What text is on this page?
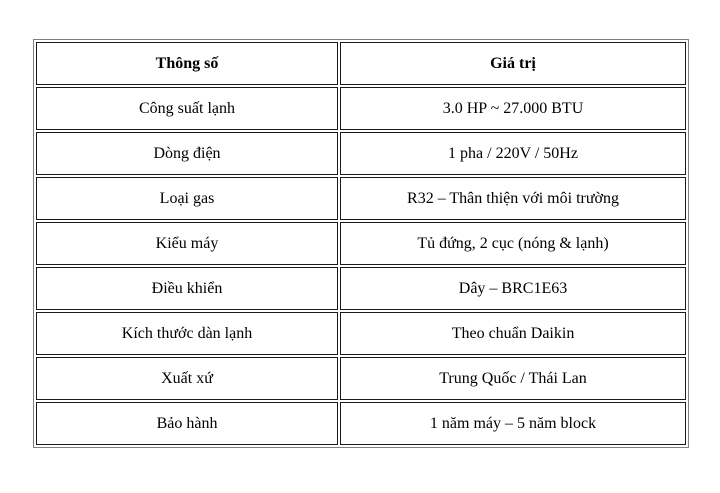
Thông số	Giá trị
Công suất lạnh	3.0 HP ~ 27.000 BTU
Dòng điện	1 pha / 220V / 50Hz
Loại gas	R32 – Thân thiện với môi trường
Kiểu máy	Tủ đứng, 2 cục (nóng & lạnh)
Điều khiển	Dây – BRC1E63
Kích thước dàn lạnh	Theo chuẩn Daikin
Xuất xứ	Trung Quốc / Thái Lan
Bảo hành	1 năm máy – 5 năm block
